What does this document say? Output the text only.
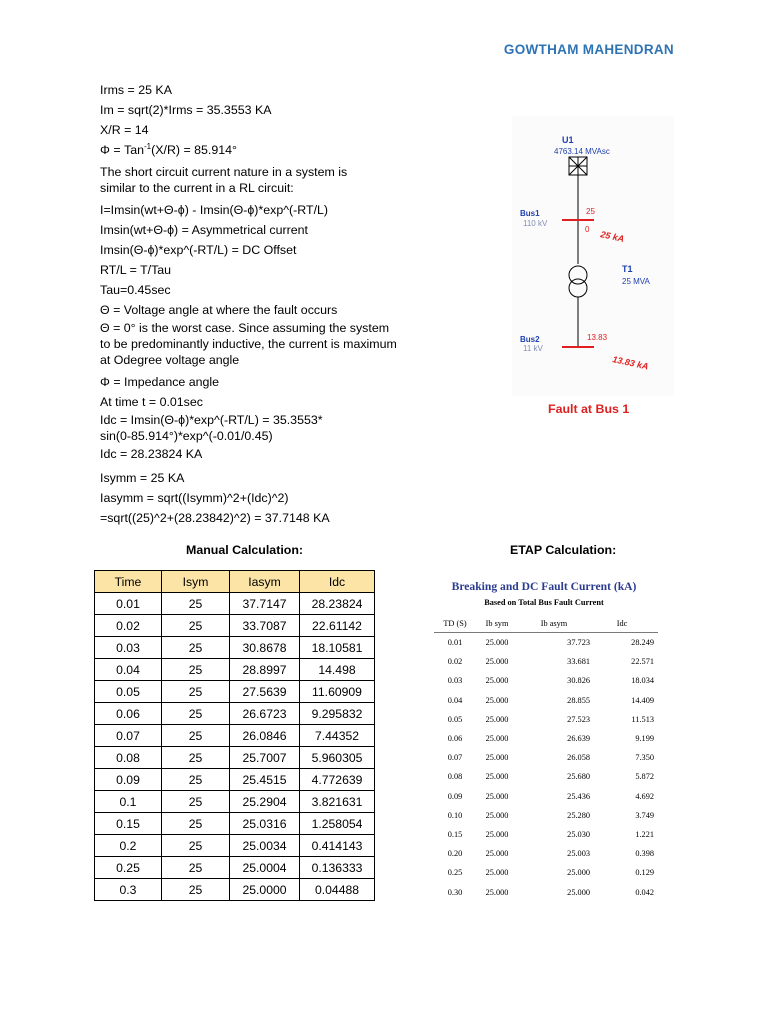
GOWTHAM MAHENDRAN
Irms = 25 KA
Im = sqrt(2)*Irms = 35.3553 KA
X/R = 14
Φ = Tan$^{-1}$(X/R) = 85.914°
The short circuit current nature in a system is
similar to the current in a RL circuit:
I=Imsin(wt+Θ-ϕ) - Imsin(Θ-ϕ)*exp^(-RT/L)
Imsin(wt+Θ-ϕ) = Asymmetrical current
Imsin(Θ-ϕ)*exp^(-RT/L) = DC Offset
RT/L = T/Tau
Tau=0.45sec
Θ = Voltage angle at where the fault occurs
Θ = 0° is the worst case. Since assuming the system
to be predominantly inductive, the current is maximum
at Odegree voltage angle
Φ = Impedance angle
At time t = 0.01sec
Idc = Imsin(Θ-ϕ)*exp^(-RT/L) = 35.3553*
sin(0-85.914°)*exp^(-0.01/0.45)
Idc = 28.23824 KA
Isymm = 25 KA
Iasymm = sqrt((Isymm)^2+(Idc)^2)
=sqrt((25)^2+(28.23842)^2) = 37.7148 KA
U1
4763.14 MVAsc
Bus1
110 kV
25
0 25 kA
T1
25 MVA
Bus2
11 kV
13.83
13.83 kA
Fault at Bus 1
Manual Calculation:	ETAP Calculation:
Time	Isym	Iasym	Idc
0.01	25	37.7147	28.23824
0.02	25	33.7087	22.61142
0.03	25	30.8678	18.10581
0.04	25	28.8997	14.498
0.05	25	27.5639	11.60909
0.06	25	26.6723	9.295832
0.07	25	26.0846	7.44352
0.08	25	25.7007	5.960305
0.09	25	25.4515	4.772639
0.1	25	25.2904	3.821631
0.15	25	25.0316	1.258054
0.2	25	25.0034	0.414143
0.25	25	25.0004	0.136333
0.3	25	25.0000	0.04488
Breaking and DC Fault Current (kA)
Based on Total Bus Fault Current
TD (S)	Ib sym	Ib asym	Idc
0.01	25.000	37.723	28.249
0.02	25.000	33.681	22.571
0.03	25.000	30.826	18.034
0.04	25.000	28.855	14.409
0.05	25.000	27.523	11.513
0.06	25.000	26.639	9.199
0.07	25.000	26.058	7.350
0.08	25.000	25.680	5.872
0.09	25.000	25.436	4.692
0.10	25.000	25.280	3.749
0.15	25.000	25.030	1.221
0.20	25.000	25.003	0.398
0.25	25.000	25.000	0.129
0.30	25.000	25.000	0.042
